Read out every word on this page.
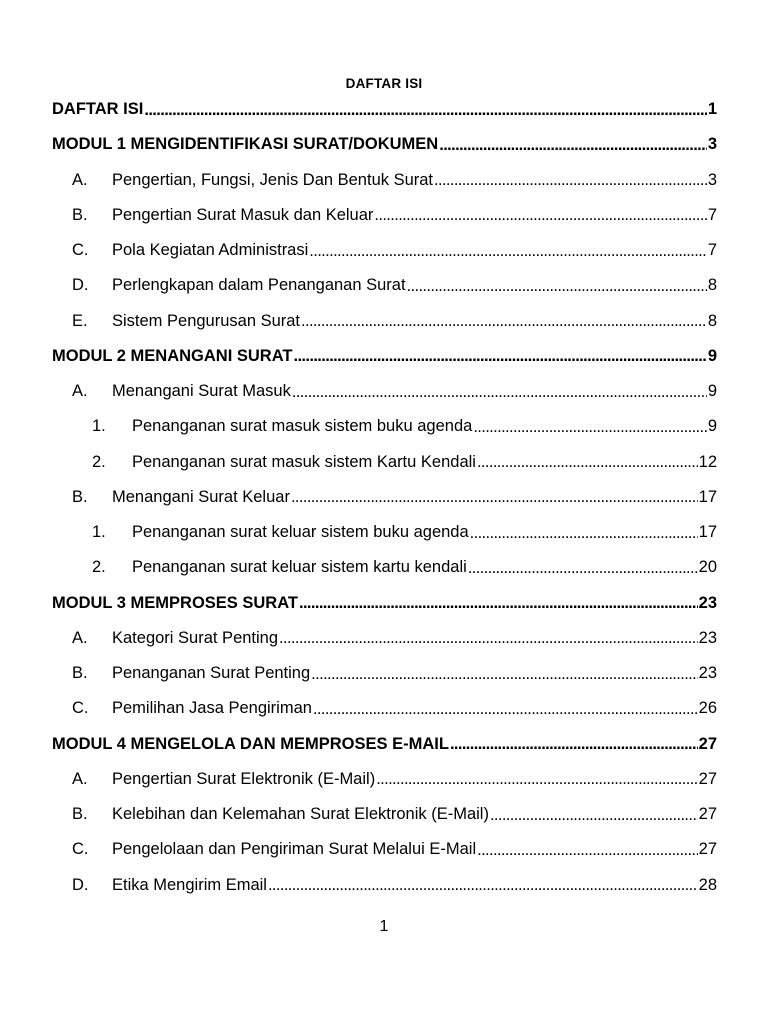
DAFTAR ISI
DAFTAR ISI . . .	1
MODUL 1 MENGIDENTIFIKASI SURAT/DOKUMEN . . .	3
A.	Pengertian, Fungsi, Jenis Dan Bentuk Surat . . .	3
B.	Pengertian Surat Masuk dan Keluar . . .	7
C.	Pola Kegiatan Administrasi . . .	7
D.	Perlengkapan dalam Penanganan Surat . . .	8
E.	Sistem Pengurusan Surat . . .	8
MODUL 2 MENANGANI SURAT . . .	9
A.	Menangani Surat Masuk . . .	9
1.	Penanganan surat masuk sistem buku agenda . . .	9
2.	Penanganan surat masuk sistem Kartu Kendali . . .	12
B.	Menangani Surat Keluar . . .	17
1.	Penanganan surat keluar sistem buku agenda . . .	17
2.	Penanganan surat keluar sistem kartu kendali . . .	20
MODUL 3 MEMPROSES SURAT . . .	23
A.	Kategori Surat Penting . . .	23
B.	Penanganan Surat Penting . . .	23
C.	Pemilihan Jasa Pengiriman . . .	26
MODUL 4 MENGELOLA DAN MEMPROSES E-MAIL . . .	27
A.	Pengertian Surat Elektronik (E-Mail) . . .	27
B.	Kelebihan dan Kelemahan Surat Elektronik (E-Mail) . . .	27
C.	Pengelolaan dan Pengiriman Surat Melalui E-Mail . . .	27
D.	Etika Mengirim Email . . .	28
1
